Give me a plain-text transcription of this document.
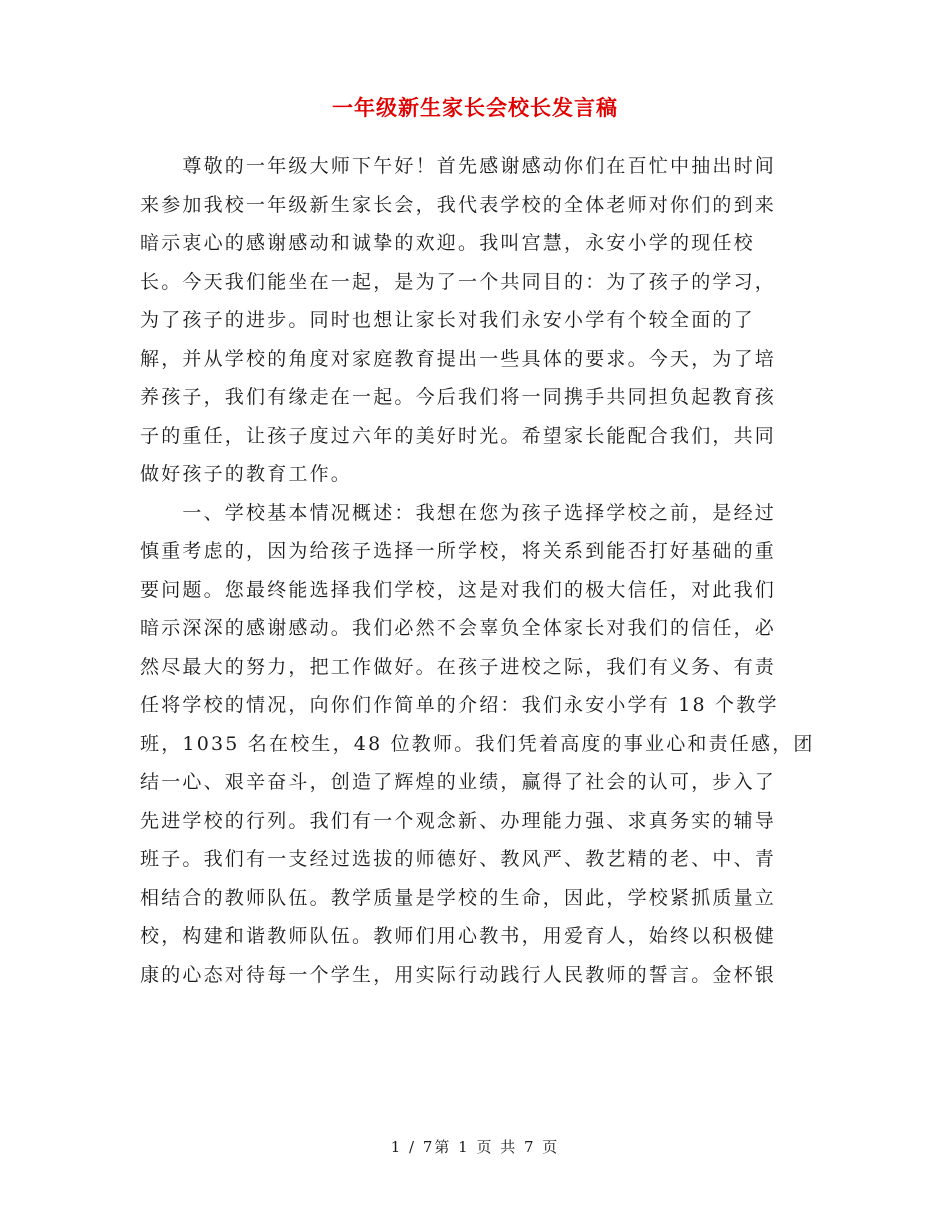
一年级新生家长会校长发言稿
　　尊敬的一年级大师下午好！首先感谢感动你们在百忙中抽出时间
来参加我校一年级新生家长会，我代表学校的全体老师对你们的到来
暗示衷心的感谢感动和诚挚的欢迎。我叫宫慧，永安小学的现任校
长。今天我们能坐在一起，是为了一个共同目的：为了孩子的学习，
为了孩子的进步。同时也想让家长对我们永安小学有个较全面的了
解，并从学校的角度对家庭教育提出一些具体的要求。今天，为了培
养孩子，我们有缘走在一起。今后我们将一同携手共同担负起教育孩
子的重任，让孩子度过六年的美好时光。希望家长能配合我们，共同
做好孩子的教育工作。
　　一、学校基本情况概述：我想在您为孩子选择学校之前，是经过
慎重考虑的，因为给孩子选择一所学校，将关系到能否打好基础的重
要问题。您最终能选择我们学校，这是对我们的极大信任，对此我们
暗示深深的感谢感动。我们必然不会辜负全体家长对我们的信任，必
然尽最大的努力，把工作做好。在孩子进校之际，我们有义务、有责
任将学校的情况，向你们作简单的介绍：我们永安小学有 18 个教学
班，1035 名在校生，48 位教师。我们凭着高度的事业心和责任感，团
结一心、艰辛奋斗，创造了辉煌的业绩，赢得了社会的认可，步入了
先进学校的行列。我们有一个观念新、办理能力强、求真务实的辅导
班子。我们有一支经过选拔的师德好、教风严、教艺精的老、中、青
相结合的教师队伍。教学质量是学校的生命，因此，学校紧抓质量立
校，构建和谐教师队伍。教师们用心教书，用爱育人，始终以积极健
康的心态对待每一个学生，用实际行动践行人民教师的誓言。金杯银
1 / 7第 1 页 共 7 页
